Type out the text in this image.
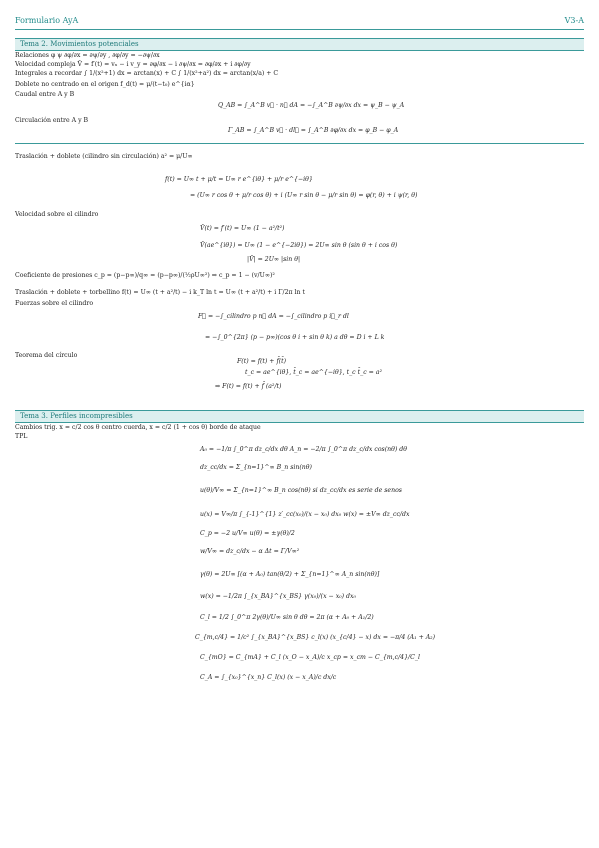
Formulario AyA	V3-A
Tema 2. Movimientos potenciales
Relaciones φ ψ ∂φ/∂x = ∂ψ/∂y , ∂φ/∂y = −∂ψ/∂x
Velocidad compleja V̄ = f′(t) = vₓ − i v_y = ∂φ/∂x − i ∂ψ/∂x = ∂φ/∂x + i ∂φ/∂y
Integrales a recordar ∫ 1/(x²+1) dx = arctan(x) + C ∫ 1/(x²+a²) dx = arctan(x/a) + C
Doblete no centrado en el origen f_d(t) = μ/(t−t₀) e^{iα}
Caudal entre A y B
Q_AB = ∫_A^B v⃗ · n⃗ dA = −∫_A^B ∂ψ/∂x dx = ψ_B − ψ_A
Circulación entre A y B
Γ_AB = ∫_A^B v⃗ · dl⃗ = ∫_A^B ∂φ/∂x dx = φ_B − φ_A
Traslación + doblete (cilindro sin circulación) a² = μ/U∞
f(t) = U∞ t + μ/t = U∞ r e^{iθ} + μ/r e^{−iθ}
= (U∞ r cos θ + μ/r cos θ) + i (U∞ r sin θ − μ/r sin θ) = φ(r, θ) + i ψ(r, θ)
Velocidad sobre el cilindro
V̄(t) = f′(t) = U∞ (1 − a²/t²)
V̄(ae^{iθ}) = U∞ (1 − e^{−2iθ}) = 2U∞ sin θ (sin θ + i cos θ)
|V̄| = 2U∞ |sin θ|
Coeficiente de presiones c_p = (p−p∞)/q∞ = (p−p∞)/(½ρU∞²) ⇒ c_p = 1 − (v/U∞)²
Traslación + doblete + torbellino f(t) = U∞ (t + a²/t) − i k_T ln t = U∞ (t + a²/t) + i Γ/2π ln t
Fuerzas sobre el cilindro
F⃗ = −∫_cilindro p n⃗ dA = −∫_cilindro p i⃗_r dl
= −∫_0^{2π} (p − p∞)(cos θ i + sin θ k) a dθ = D i + L k
Teorema del círculo
F(t) = f(t) + f̄(t̄)
t_c = ae^{iθ}, t̄_c = ae^{−iθ}, t_c t̄_c = a²
⇒ F(t) = f(t) + f̄ (a²/t)
Tema 3. Perfiles incompresibles
Cambios trig. x = c/2 cos θ centro cuerda, x = c/2 (1 + cos θ) borde de ataque
TPL
A₀ = −1/π ∫_0^π dz_c/dx dθ A_n = −2/π ∫_0^π dz_c/dx cos(nθ) dθ
dz_cc/dx = Σ_{n=1}^∞ B_n sin(nθ)
u(θ)/V∞ = Σ_{n=1}^∞ B_n cos(nθ) si dz_cc/dx es serie de senos
u(x) = V∞/π ∫_{-1}^{1} z′_cc(x₀)/(x − x₀) dx₀ w(x) = ±V∞ dz_cc/dx
C_p = −2 u/V∞ u(θ) = ±γ(θ)/2
w/V∞ = dz_c/dx − α Δt = Γ/V∞²
γ(θ) = 2U∞ [(α + A₀) tan(θ/2) + Σ_{n=1}^∞ A_n sin(nθ)]
w(x) = −1/2π ∫_{x_BA}^{x_BS} γ(x₀)/(x − x₀) dx₀
C_l = 1/2 ∫_0^π 2γ(θ)/U∞ sin θ dθ = 2π (α + A₀ + A₁/2)
C_{m,c/4} = 1/c² ∫_{x_BA}^{x_BS} c_l(x) (x_{c/4} − x) dx = −π/4 (A₁ + A₂)
C_{mO} = C_{mA} + C_l (x_O − x_A)/c x_cp = x_cm − C_{m,c/4}/C_l
C_A = ∫_{x₀}^{x_n} C_l(x) (x − x_A)/c dx/c
